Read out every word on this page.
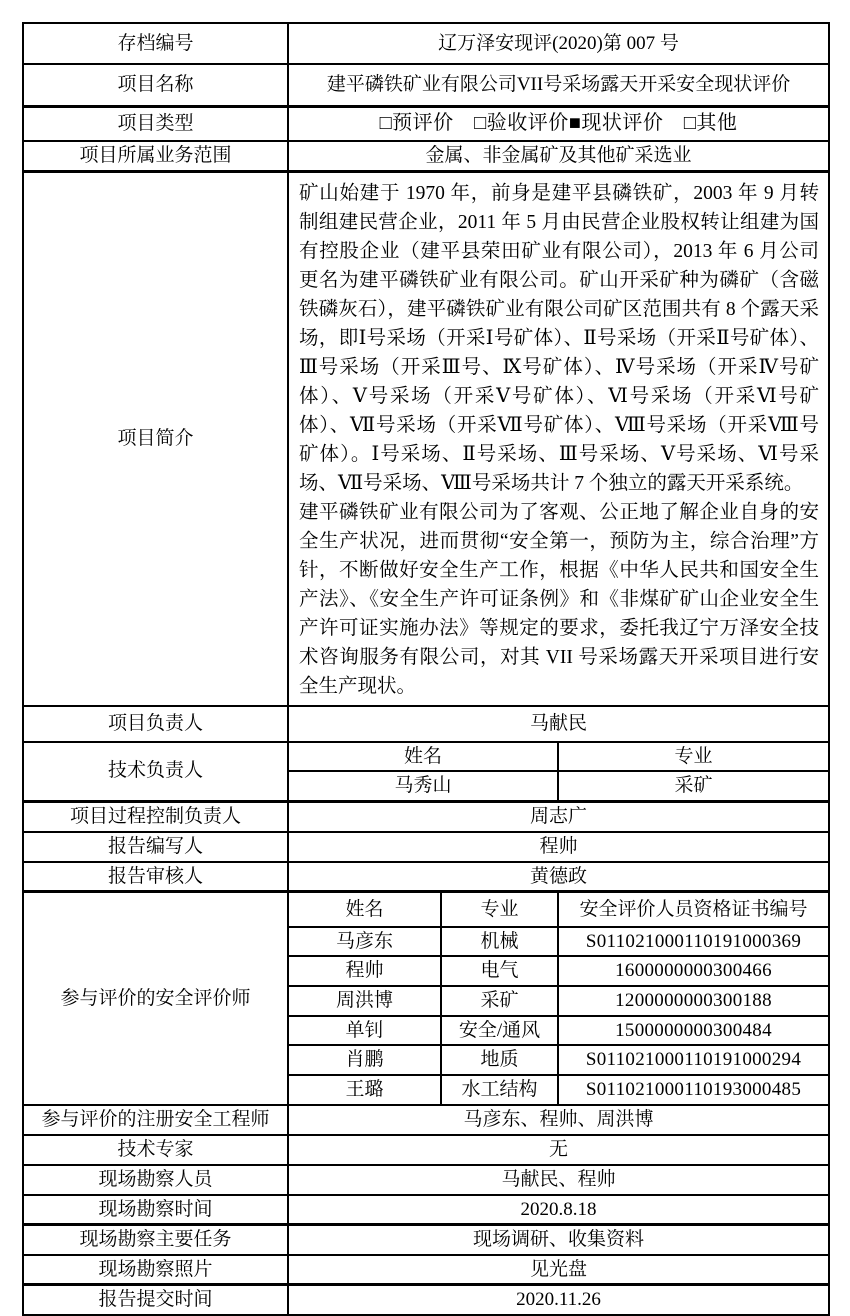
存档编号	辽万泽安现评(2020)第 007 号		
项目名称	建平磷铁矿业有限公司VII号采场露天开采安全现状评价		
项目类型	□预评价　□验收评价■现状评价　□其他		
项目所属业务范围	金属、非金属矿及其他矿采选业		
项目简介	矿山始建于 1970 年，前身是建平县磷铁矿，2003 年 9 月转制组建民营企业，2011 年 5 月由民营企业股权转让组建为国有控股企业（建平县荣田矿业有限公司），2013 年 6 月公司更名为建平磷铁矿业有限公司。矿山开采矿种为磷矿（含磁铁磷灰石），建平磷铁矿业有限公司矿区范围共有 8 个露天采场，即Ⅰ号采场（开采Ⅰ号矿体）、Ⅱ号采场（开采Ⅱ号矿体）、Ⅲ号采场（开采Ⅲ号、Ⅸ号矿体）、Ⅳ号采场（开采Ⅳ号矿体）、Ⅴ号采场（开采Ⅴ号矿体）、Ⅵ号采场（开采Ⅵ号矿体）、Ⅶ号采场（开采Ⅶ号矿体）、Ⅷ号采场（开采Ⅷ号矿体）。Ⅰ号采场、Ⅱ号采场、Ⅲ号采场、Ⅴ号采场、Ⅵ号采场、Ⅶ号采场、Ⅷ号采场共计 7 个独立的露天开采系统。

建平磷铁矿业有限公司为了客观、公正地了解企业自身的安全生产状况，进而贯彻“安全第一，预防为主，综合治理”方针，不断做好安全生产工作，根据《中华人民共和国安全生产法》、《安全生产许可证条例》和《非煤矿矿山企业安全生产许可证实施办法》等规定的要求，委托我辽宁万泽安全技术咨询服务有限公司，对其 VII 号采场露天开采项目进行安全生产现状。		

项目负责人	马献民		
技术负责人	姓名		专业
	马秀山		采矿
项目过程控制负责人	周志广		
报告编写人	程帅		
报告审核人	黄德政		
参与评价的安全评价师	姓名	专业	安全评价人员资格证书编号
	马彦东	机械	S011021000110191000369
	程帅	电气	1600000000300466
	周洪博	采矿	1200000000300188
	单钊	安全/通风	1500000000300484
	肖鹏	地质	S011021000110191000294
	王璐	水工结构	S011021000110193000485
参与评价的注册安全工程师	马彦东、程帅、周洪博		
技术专家	无		
现场勘察人员	马献民、程帅		
现场勘察时间	2020.8.18		
现场勘察主要任务	现场调研、收集资料		
现场勘察照片	见光盘		
报告提交时间	2020.11.26		
